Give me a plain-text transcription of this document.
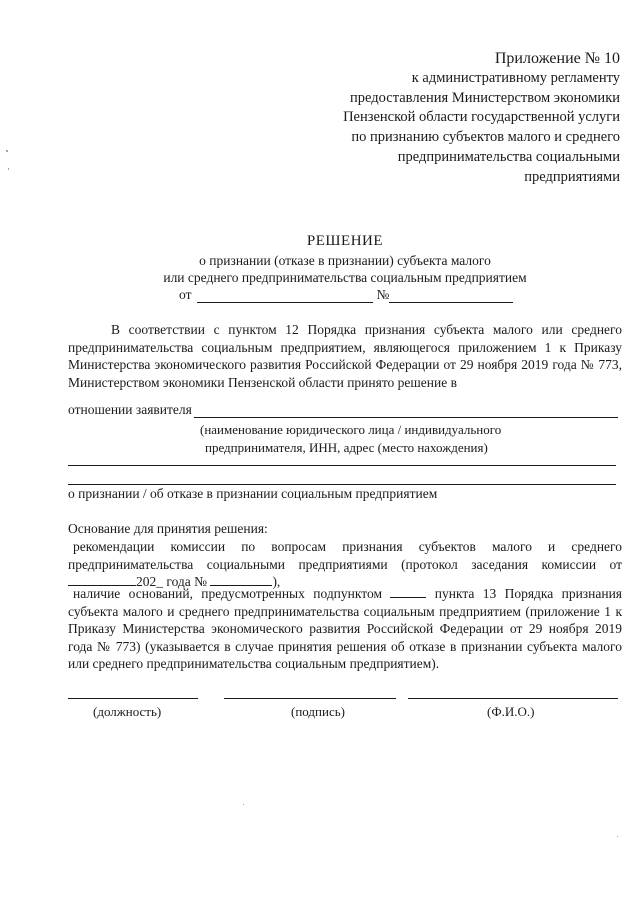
Приложение № 10
к административному регламенту
предоставления Министерством экономики
Пензенской области государственной услуги
по признанию субъектов малого и среднего
предпринимательства социальными
предприятиями
РЕШЕНИЕ
о признании (отказе в признании) субъекта малого
или среднего предпринимательства социальным предприятием
от	№
В соответствии с пунктом 12 Порядка признания субъекта малого или среднего предпринимательства социальным предприятием, являющегося приложением 1 к Приказу Министерства экономического развития Российской Федерации от 29 ноября 2019 года № 773, Министерством экономики Пензенской области принято решение в
отношении заявителя
(наименование юридического лица / индивидуального
предпринимателя, ИНН, адрес (место нахождения)
о признании / об отказе в признании социальным предприятием
Основание для принятия решения:
рекомендации комиссии по вопросам признания субъектов малого и среднего предпринимательства социальными предприятиями (протокол заседания комиссии от 202_ года №	),
наличие оснований, предусмотренных подпунктом	пункта 13 Порядка признания субъекта малого и среднего предпринимательства социальным предприятием (приложение 1 к Приказу Министерства экономического развития Российской Федерации от 29 ноября 2019 года № 773) (указывается в случае принятия решения об отказе в признании субъекта малого или среднего предпринимательства социальным предприятием).
(должность)	(подпись)	(Ф.И.О.)
